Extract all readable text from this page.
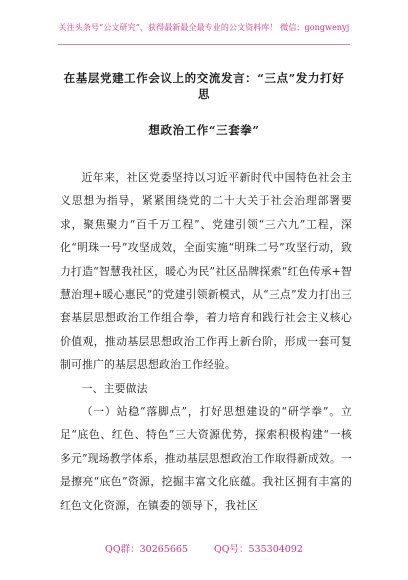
关注头条号“公文研究”，获得最新最全最专业的公文资料库！ 微信：gongwenyj
在基层党建工作会议上的交流发言：“三点”发力打好思
想政治工作“三套拳”

近年来，社区党委坚持以习近平新时代中国特色社会主义思想为指导，紧紧围绕党的二十大关于社会治理部署要求，聚焦聚力“百千万工程”、党建引领“三六九”工程，深化“明珠一号”攻坚成效，全面实施“明珠二号”攻坚行动，致力打造“智慧我社区，暖心为民”社区品牌探索“红色传承+智慧治理+暖心惠民”的党建引领新模式，从“三点”发力打出三套基层思想政治工作组合拳，着力培育和践行社会主义核心价值观，推动基层思想政治工作再上新台阶，形成一套可复制可推广的基层思想政治工作经验。

一、主要做法

（一）站稳“落脚点”，打好思想建设的“研学拳”。立足“底色、红色、特色”三大资源优势，探索积极构建“一核多元”现场教学体系，推动基层思想政治工作取得新成效。一是擦亮“底色”资源，挖掘丰富文化底蕴。我社区拥有丰富的红色文化资源，在镇委的领导下，我社区

QQ群：30265665	QQ号：535304092
